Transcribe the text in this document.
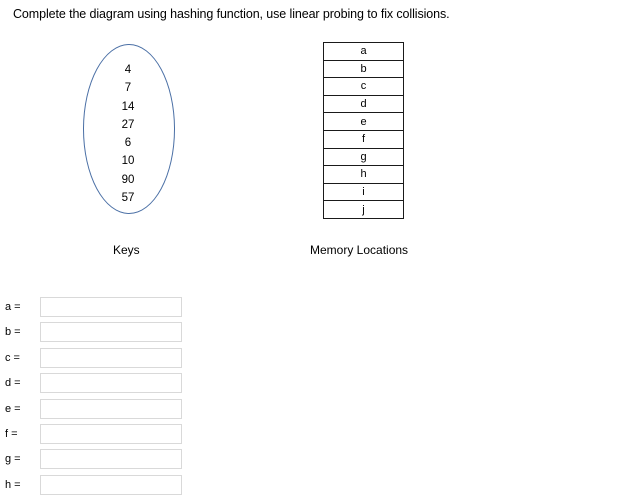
Complete the diagram using hashing function, use linear probing to fix collisions.
4
7
14
27
6
10
90
57
Keys
a
b
c
d
e
f
g
h
i
j
Memory Locations
a =
b =
c =
d =
e =
f =
g =
h =
